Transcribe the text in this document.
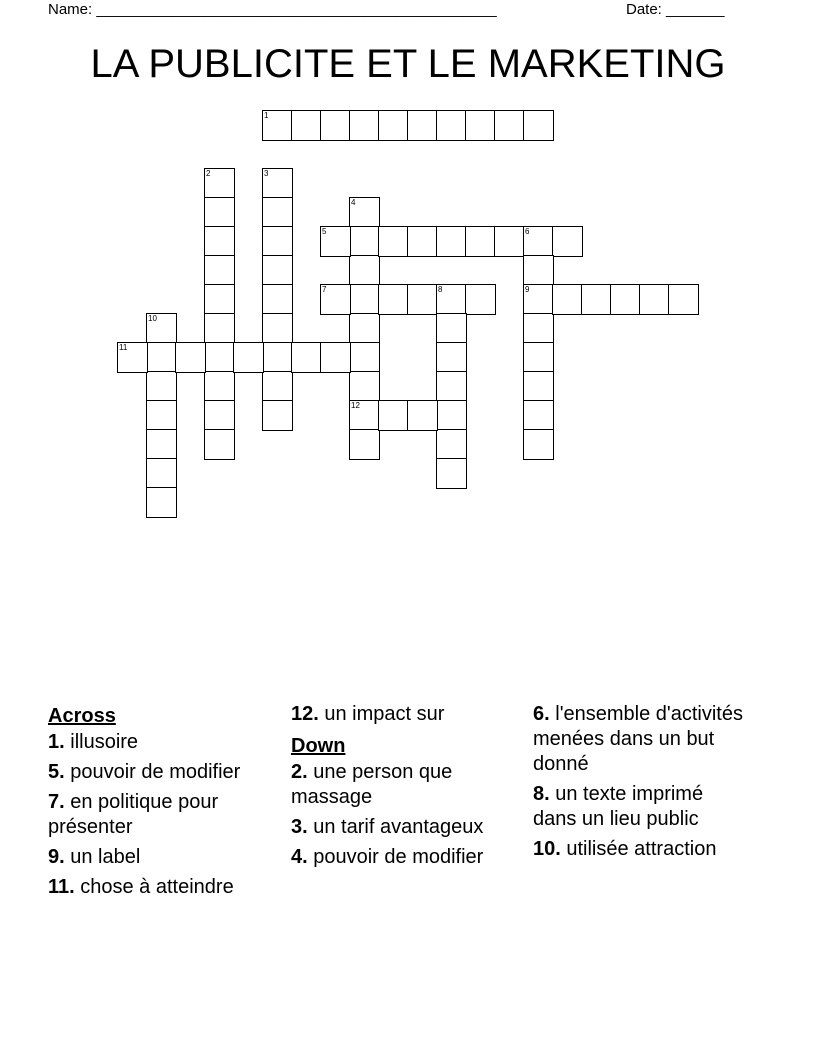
Name: ________________________________________________	Date: _______
LA PUBLICITE ET LE MARKETING
1
2	3
4
12
5	6
9
7	8
10
11
Across
1. illusoire
5. pouvoir de modifier
7. en politique pour présenter
9. un label
11. chose à atteindre
12. un impact sur
Down
2. une person que massage
3. un tarif avantageux
4. pouvoir de modifier
6. l'ensemble d'activités menées dans un but donné
8. un texte imprimé dans un lieu public
10. utilisée attraction
